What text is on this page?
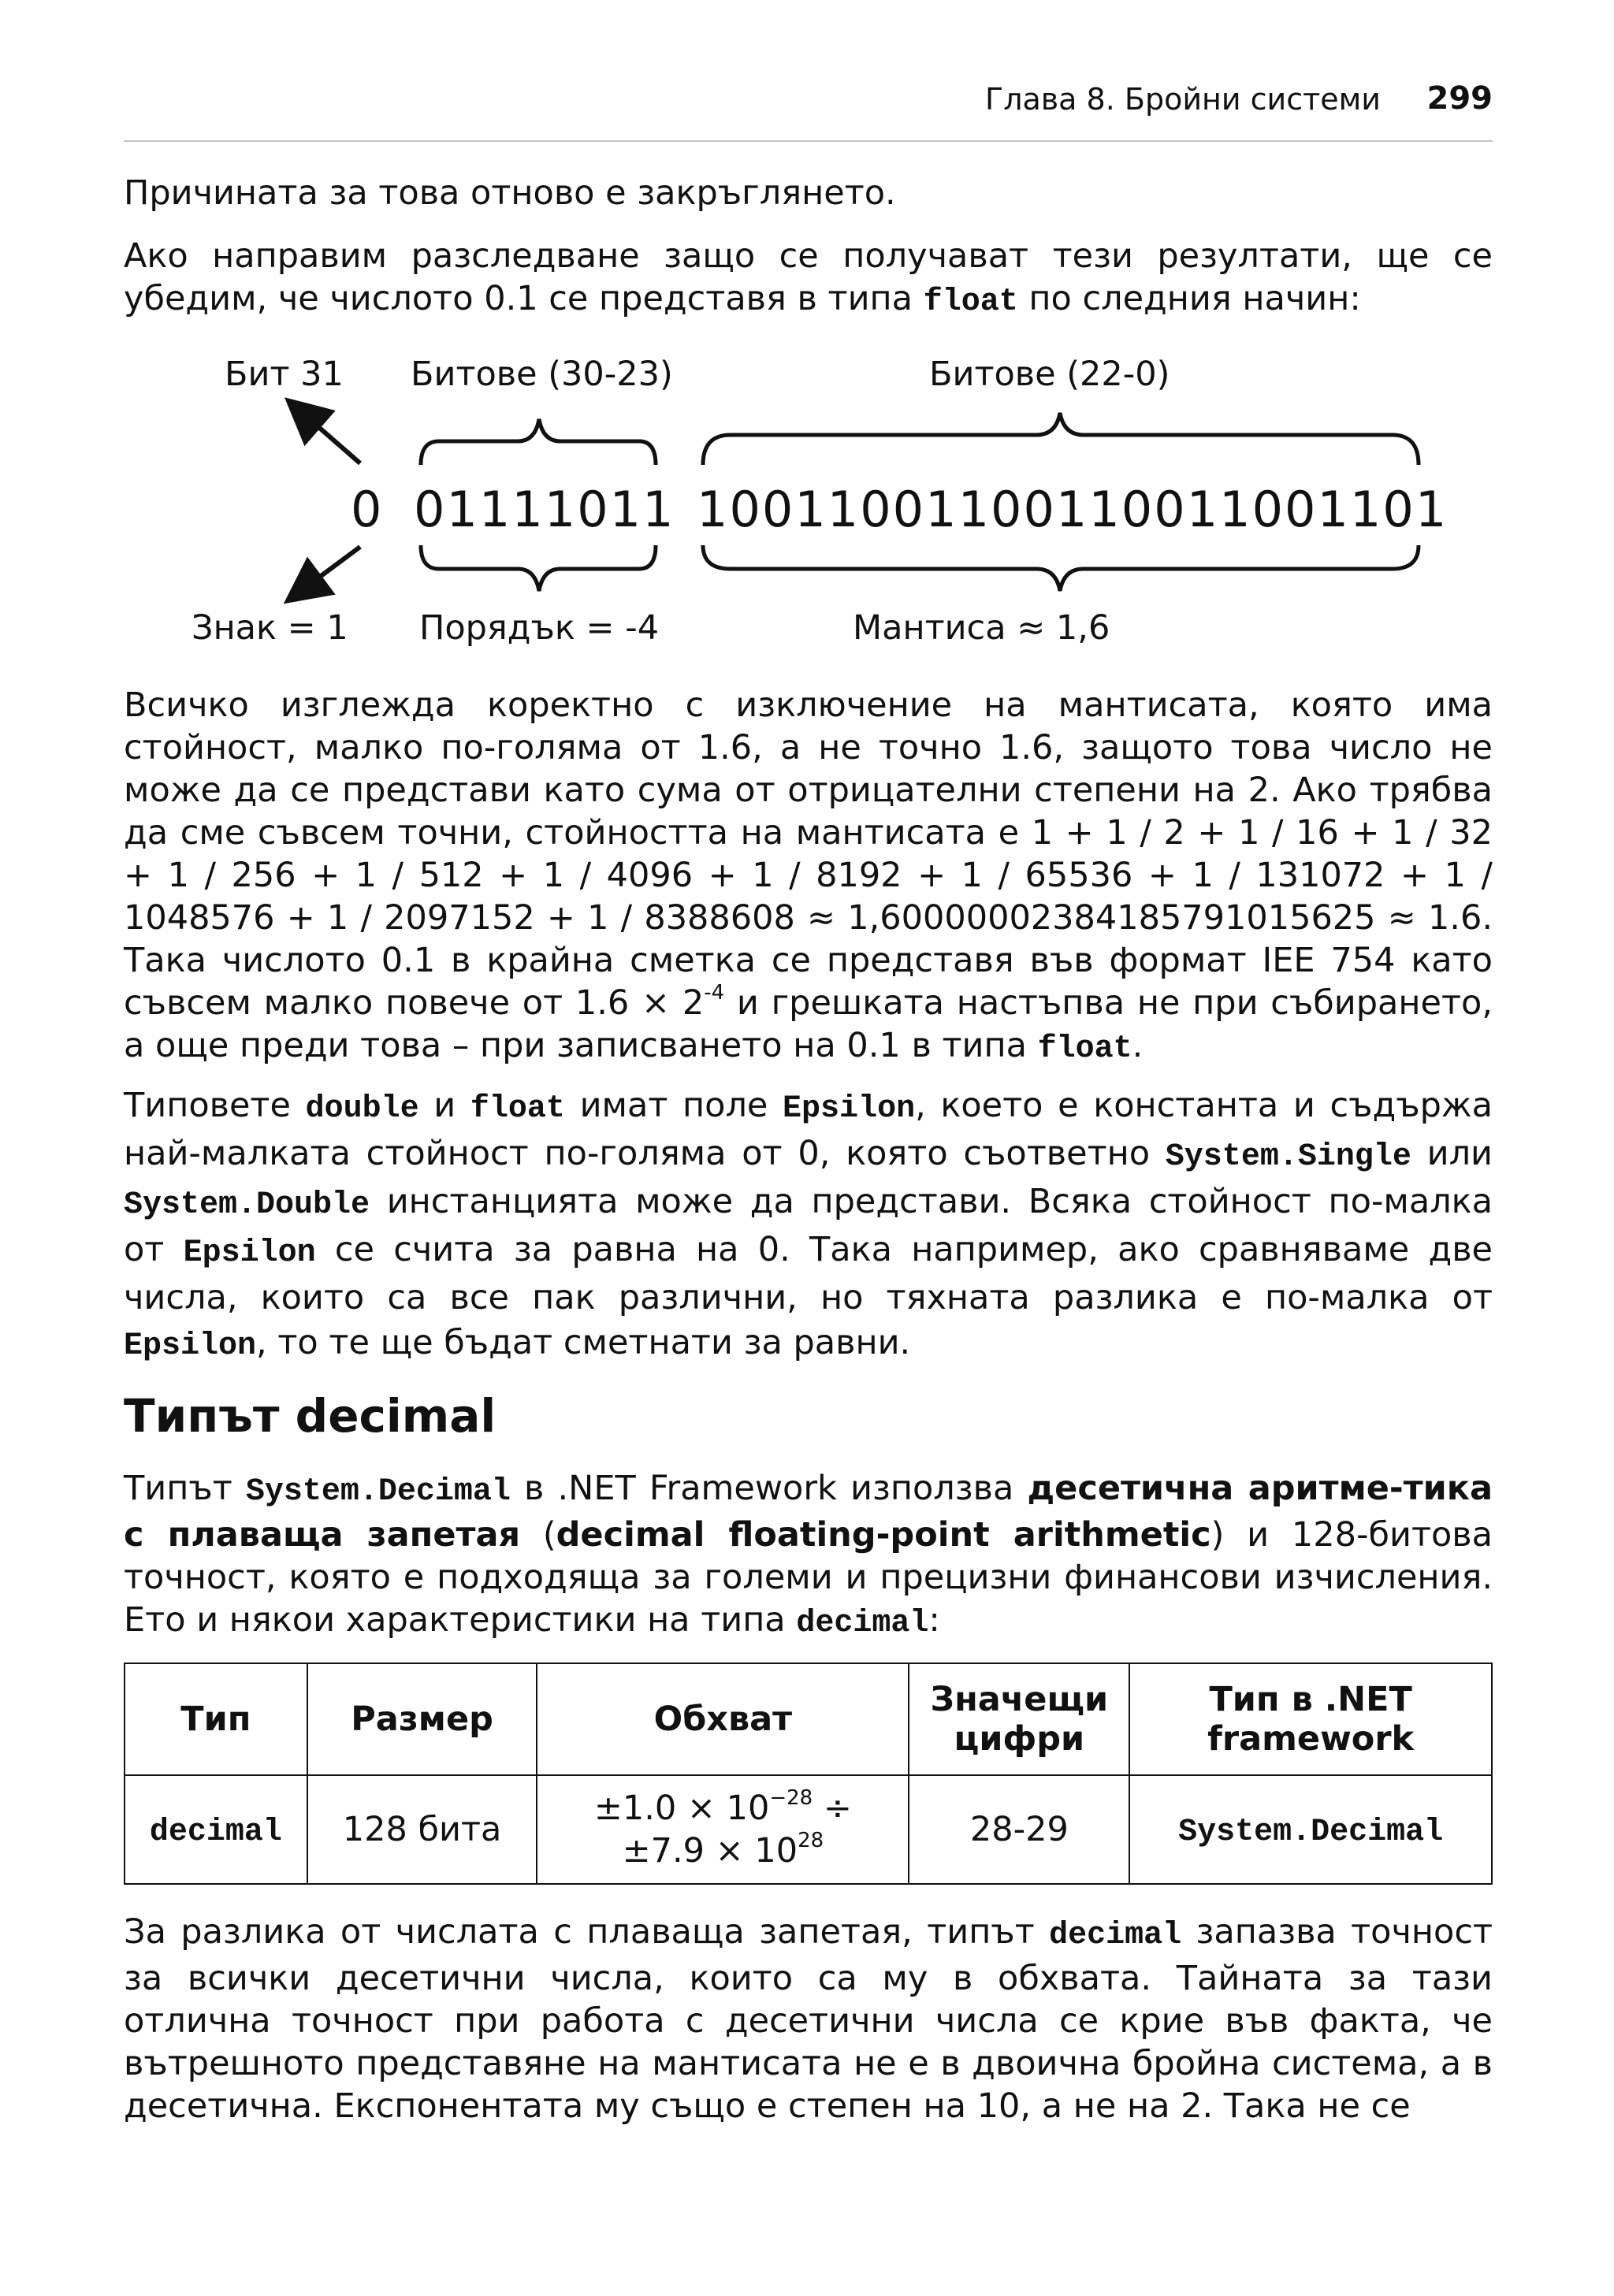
Глава 8. Бройни системи 299

Причината за това отново е закръглянето.

Ако направим разследване защо се получават тези резултати, ще се убедим, че числото 0.1 се представя в типа float по следния начин:

Бит 31 Битове (30-23)	Битове (22-0)
0 01111011 10011001100110011001101
Знак = 1 Порядък = -4	Мантиса ≈ 1,6

Всичко изглежда коректно с изключение на мантисата, която има стойност, малко по-голяма от 1.6, а не точно 1.6, защото това число не може да се представи като сума от отрицателни степени на 2. Ако трябва да сме съвсем точни, стойността на мантисата е 1 + 1 / 2 + 1 / 16 + 1 / 32 + 1 / 256 + 1 / 512 + 1 / 4096 + 1 / 8192 + 1 / 65536 + 1 / 131072 + 1 / 1048576 + 1 / 2097152 + 1 / 8388608 ≈ 1,60000002384185791015625 ≈ 1.6. Така числото 0.1 в крайна сметка се представя във формат IEE 754 като съвсем малко повече от $1.6 \times 2^{-4}$ и грешката настъпва не при събирането, а още преди това – при записването на 0.1 в типа float.

Типовете double и float имат поле Epsilon, което е константа и съдържа най-малката стойност по-голяма от 0, която съответно System.Single или System.Double инстанцията може да представи. Всяка стойност по-малка от Epsilon се счита за равна на 0. Така например, ако сравняваме две числа, които са все пак различни, но тяхната разлика е по-малка от Epsilon, то те ще бъдат сметнати за равни.

Типът decimal

Типът System.Decimal в .NET Framework използва десетична аритме-тика с плаваща запетая (decimal floating-point arithmetic) и 128-битова точност, която е подходяща за големи и прецизни финансови изчисления. Ето и някои характеристики на типа decimal:

Тип	Размер	Обхват	Значещи цифри	Тип в .NET framework
decimal	128 бита	$\pm 1.0 \times 10^{-28}$ ÷
$\pm 7.9 \times 10^{28}$	28-29	System.Decimal

За разлика от числата с плаваща запетая, типът decimal запазва точност за всички десетични числа, които са му в обхвата. Тайната за тази отлична точност при работа с десетични числа се крие във факта, че вътрешното представяне на мантисата не е в двоична бройна система, а в десетична. Експонентата му също е степен на 10, а не на 2. Така не се
